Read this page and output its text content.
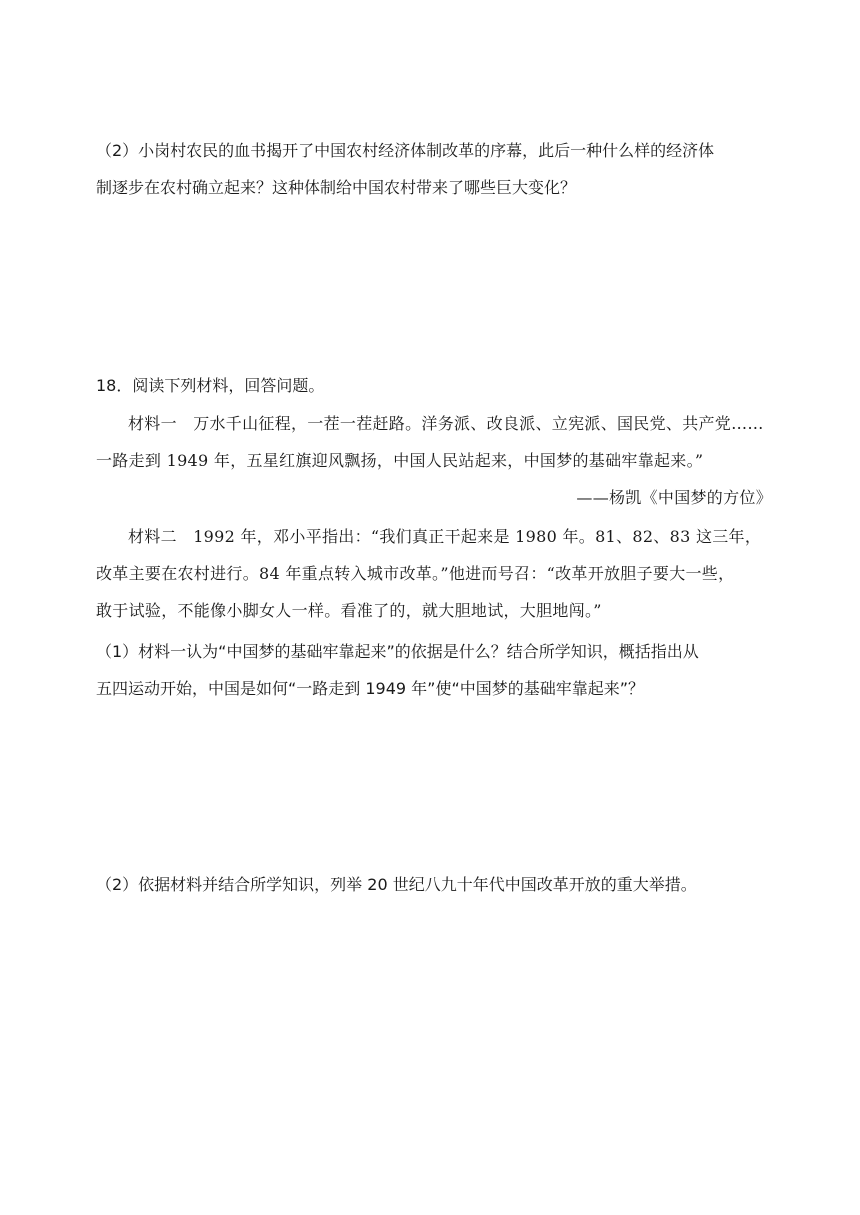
（2）小岗村农民的血书揭开了中国农村经济体制改革的序幕，此后一种什么样的经济体
制逐步在农村确立起来？这种体制给中国农村带来了哪些巨大变化？
18．阅读下列材料，回答问题。
材料一　万水千山征程，一茬一茬赶路。洋务派、改良派、立宪派、国民党、共产党……
一路走到 1949 年，五星红旗迎风飘扬，中国人民站起来，中国梦的基础牢靠起来。”
——杨凯《中国梦的方位》
材料二　1992 年，邓小平指出：“我们真正干起来是 1980 年。81、82、83 这三年，
改革主要在农村进行。84 年重点转入城市改革。”他进而号召：“改革开放胆子要大一些，
敢于试验，不能像小脚女人一样。看准了的，就大胆地试，大胆地闯。”
（1）材料一认为“中国梦的基础牢靠起来”的依据是什么？结合所学知识，概括指出从
五四运动开始，中国是如何“一路走到 1949 年”使“中国梦的基础牢靠起来”？
（2）依据材料并结合所学知识，列举 20 世纪八九十年代中国改革开放的重大举措。
